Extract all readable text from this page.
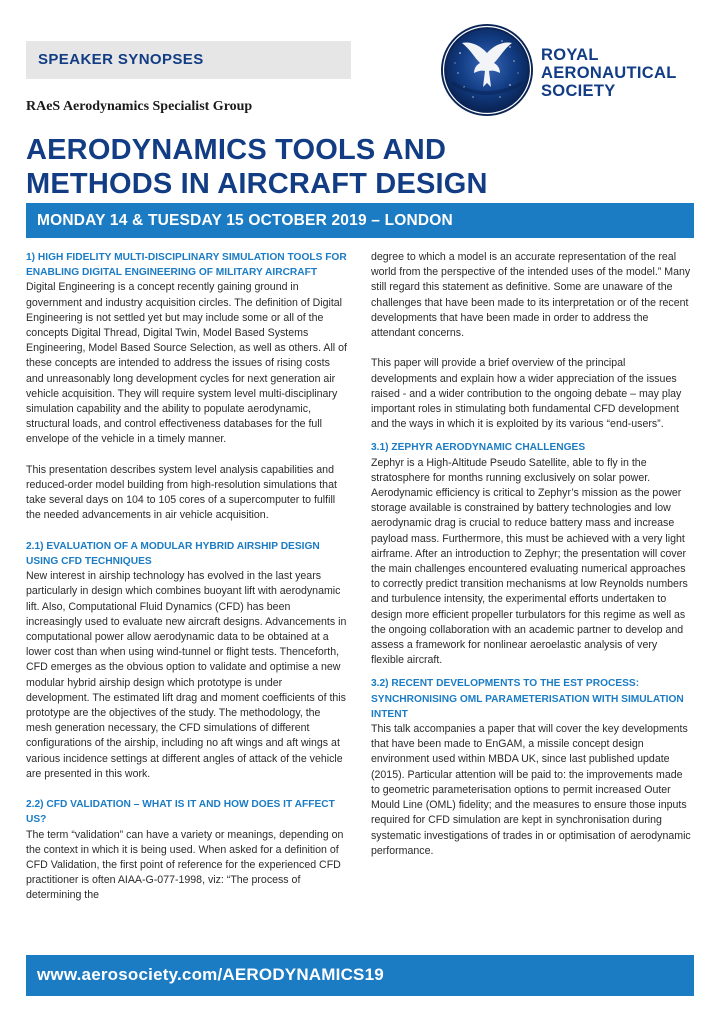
SPEAKER SYNOPSES

RAeS Aerodynamics Specialist Group

ROYAL
AERONAUTICAL
SOCIETY
AERODYNAMICS TOOLS AND
METHODS IN AIRCRAFT DESIGN

MONDAY 14 & TUESDAY 15 OCTOBER 2019 – LONDON

1) HIGH FIDELITY MULTI-DISCIPLINARY SIMULATION TOOLS FOR ENABLING DIGITAL ENGINEERING OF MILITARY AIRCRAFT

Digital Engineering is a concept recently gaining ground in government and industry acquisition circles. The definition of Digital Engineering is not settled yet but may include some or all of the concepts Digital Thread, Digital Twin, Model Based Systems Engineering, Model Based Source Selection, as well as others. All of these concepts are intended to address the issues of rising costs and unreasonably long development cycles for next generation air vehicle acquisition. They will require system level multi-disciplinary simulation capability and the ability to populate aerodynamic, structural loads, and control effectiveness databases for the full envelope of the vehicle in a timely manner.

This presentation describes system level analysis capabilities and reduced-order model building from high-resolution simulations that take several days on 104 to 105 cores of a supercomputer to fulfill the needed advancements in air vehicle acquisition.

2.1) EVALUATION OF A MODULAR HYBRID AIRSHIP DESIGN USING CFD TECHNIQUES

New interest in airship technology has evolved in the last years particularly in design which combines buoyant lift with aerodynamic lift. Also, Computational Fluid Dynamics (CFD) has been increasingly used to evaluate new aircraft designs. Advancements in computational power allow aerodynamic data to be obtained at a lower cost than when using wind-tunnel or flight tests. Thenceforth, CFD emerges as the obvious option to validate and optimise a new modular hybrid airship design which prototype is under development. The estimated lift drag and moment coefficients of this prototype are the objectives of the study. The methodology, the mesh generation necessary, the CFD simulations of different configurations of the airship, including no aft wings and aft wings at various incidence settings at different angles of attack of the vehicle are presented in this work.

2.2) CFD VALIDATION – WHAT IS IT AND HOW DOES IT AFFECT US?

The term “validation” can have a variety or meanings, depending on the context in which it is being used. When asked for a definition of CFD Validation, the first point of reference for the experienced CFD practitioner is often AIAA-G-077-1998, viz: “The process of determining the

degree to which a model is an accurate representation of the real world from the perspective of the intended uses of the model.” Many still regard this statement as definitive. Some are unaware of the challenges that have been made to its interpretation or of the recent developments that have been made in order to address the attendant concerns.

This paper will provide a brief overview of the principal developments and explain how a wider appreciation of the issues raised - and a wider contribution to the ongoing debate – may play important roles in stimulating both fundamental CFD development and the ways in which it is exploited by its various “end-users”.

3.1) ZEPHYR AERODYNAMIC CHALLENGES

Zephyr is a High-Altitude Pseudo Satellite, able to fly in the stratosphere for months running exclusively on solar power. Aerodynamic efficiency is critical to Zephyr’s mission as the power storage available is constrained by battery technologies and low aerodynamic drag is crucial to reduce battery mass and increase payload mass. Furthermore, this must be achieved with a very light airframe. After an introduction to Zephyr; the presentation will cover the main challenges encountered evaluating numerical approaches to correctly predict transition mechanisms at low Reynolds numbers and turbulence intensity, the experimental efforts undertaken to design more efficient propeller turbulators for this regime as well as the ongoing collaboration with an academic partner to develop and assess a framework for nonlinear aeroelastic analysis of very flexible aircraft.

3.2) RECENT DEVELOPMENTS TO THE EST PROCESS: SYNCHRONISING OML PARAMETERISATION WITH SIMULATION INTENT

This talk accompanies a paper that will cover the key developments that have been made to EnGAM, a missile concept design environment used within MBDA UK, since last published update (2015). Particular attention will be paid to: the improvements made to geometric parameterisation options to permit increased Outer Mould Line (OML) fidelity; and the measures to ensure those inputs required for CFD simulation are kept in synchronisation during systematic investigations of trades in or optimisation of aerodynamic performance.

www.aerosociety.com/AERODYNAMICS19
